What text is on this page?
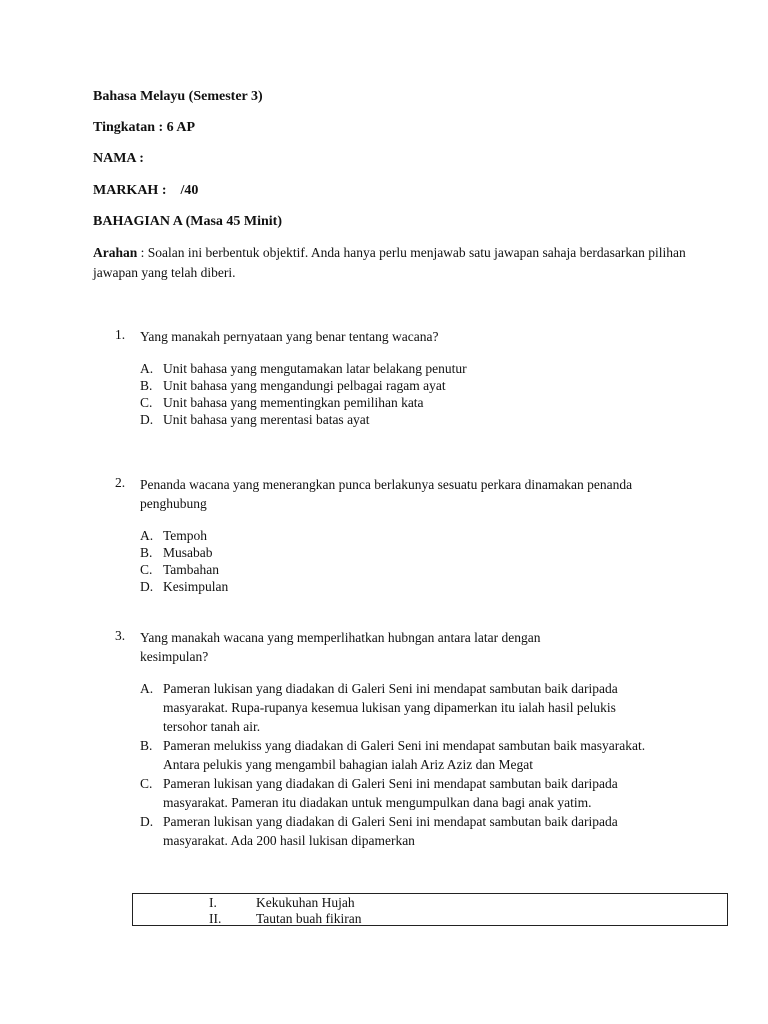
Bahasa Melayu (Semester 3)
Tingkatan : 6 AP
NAMA :
MARKAH : /40
BAHAGIAN A (Masa 45 Minit)
Arahan : Soalan ini berbentuk objektif. Anda hanya perlu menjawab satu jawapan sahaja berdasarkan pilihan jawapan yang telah diberi.
1. Yang manakah pernyataan yang benar tentang wacana?
A. Unit bahasa yang mengutamakan latar belakang penutur
B. Unit bahasa yang mengandungi pelbagai ragam ayat
C. Unit bahasa yang mementingkan pemilihan kata
D. Unit bahasa yang merentasi batas ayat
2. Penanda wacana yang menerangkan punca berlakunya sesuatu perkara dinamakan penanda penghubung
A. Tempoh
B. Musabab
C. Tambahan
D. Kesimpulan
3. Yang manakah wacana yang memperlihatkan hubngan antara latar dengan kesimpulan?
A. Pameran lukisan yang diadakan di Galeri Seni ini mendapat sambutan baik daripada masyarakat. Rupa-rupanya kesemua lukisan yang dipamerkan itu ialah hasil pelukis tersohor tanah air.
B. Pameran melukiss yang diadakan di Galeri Seni ini mendapat sambutan baik masyarakat. Antara pelukis yang mengambil bahagian ialah Ariz Aziz dan Megat
C. Pameran lukisan yang diadakan di Galeri Seni ini mendapat sambutan baik daripada masyarakat. Pameran itu diadakan untuk mengumpulkan dana bagi anak yatim.
D. Pameran lukisan yang diadakan di Galeri Seni ini mendapat sambutan baik daripada masyarakat. Ada 200 hasil lukisan dipamerkan
I.	Kekukuhan Hujah
II.	Tautan buah fikiran
